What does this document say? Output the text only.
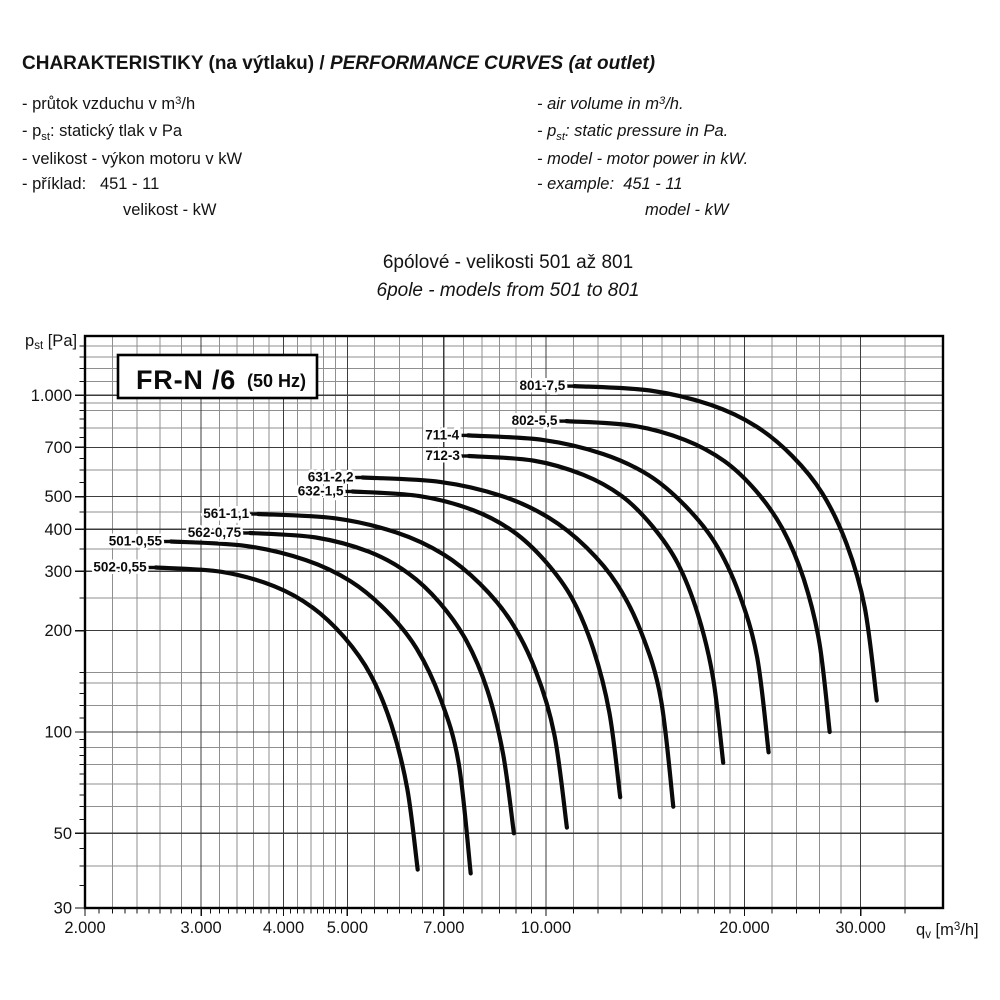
CHARAKTERISTIKY (na výtlaku) / PERFORMANCE CURVES (at outlet)
- průtok vzduchu v $m^3/h$
- pst: statický tlak v Pa
- velikost - výkon motoru v kW
- příklad:   451 - 11
velikost - kW
- air volume in $m^3/h$.
- pst: static pressure in Pa.
- model - motor power in kW.
- example:  451 - 11
model - kW
6pólové - velikosti 501 až 801
6pole - models from 501 to 801
2.000	3.000 4.000 5.000	7.000	10.000	20.000	30.000
1.000
700
500
400
300
200
100
50
30
pst [Pa]
qv $[m^3/h]$
FR-N /6 (50 Hz)	801-7,5
802-5,5
711-4
712-3
631-2,2
632-1,5
561-1,1
562-0,75
501-0,55
502-0,55
